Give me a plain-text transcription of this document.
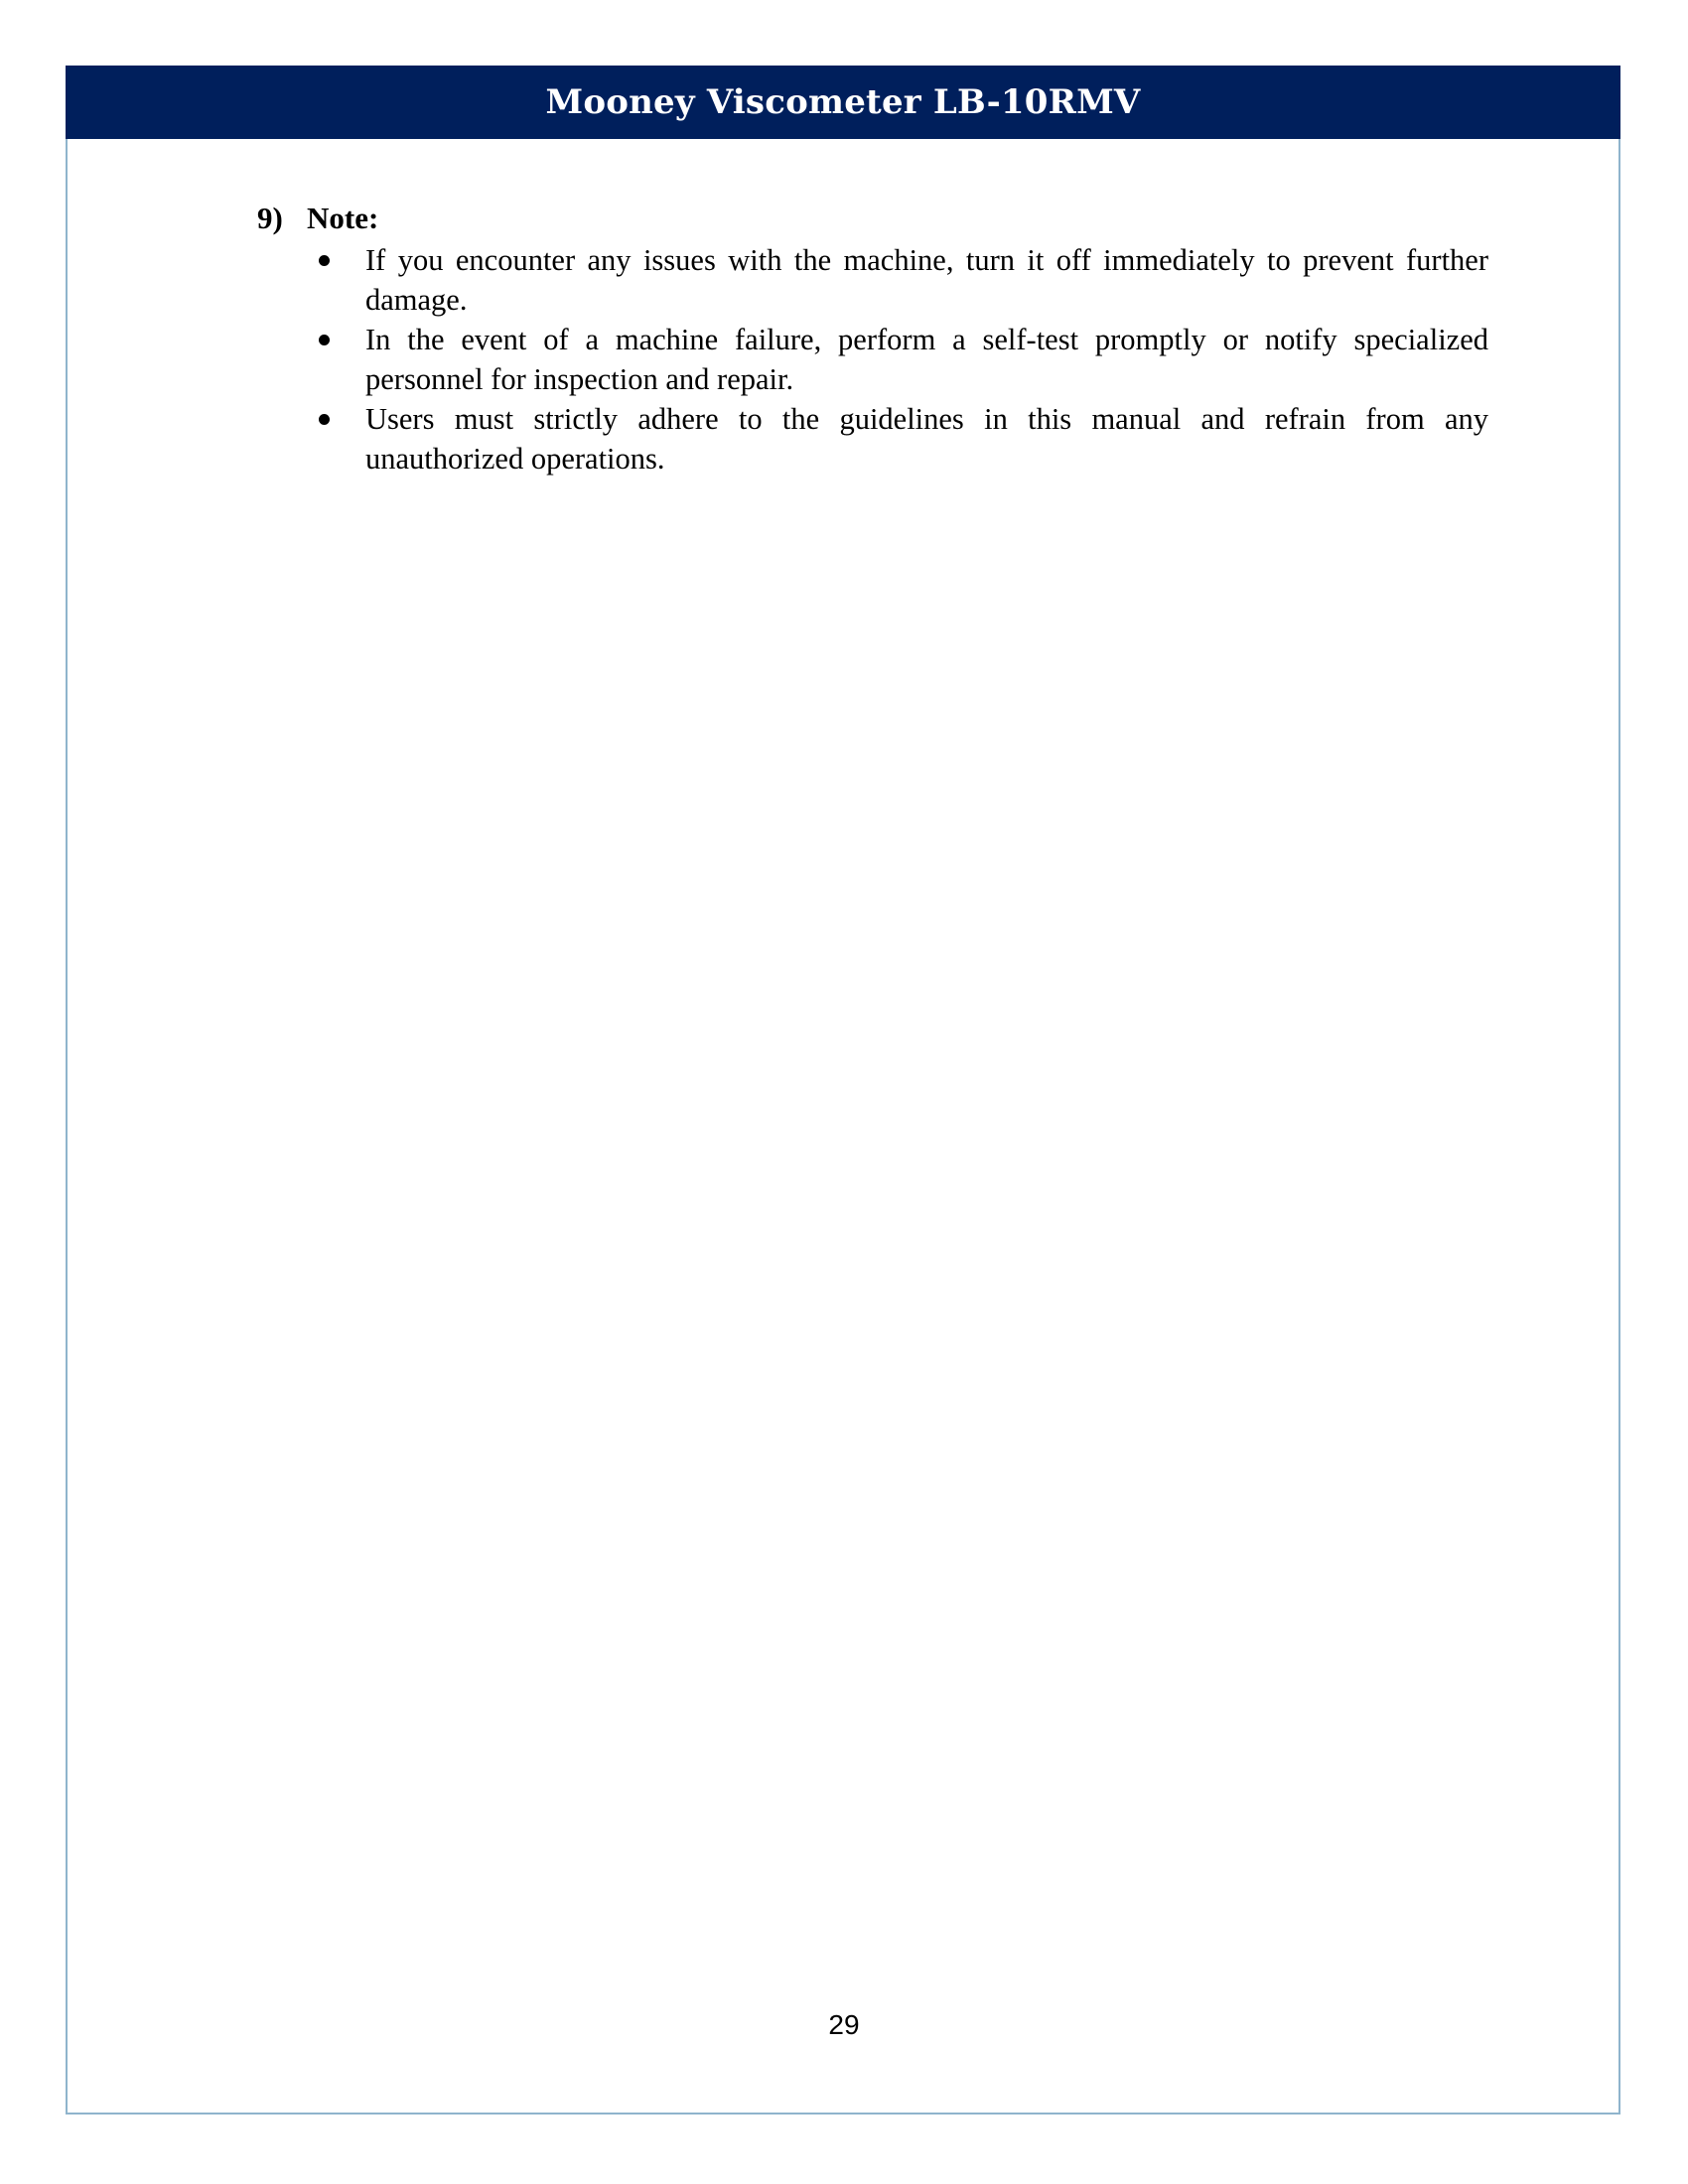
Mooney Viscometer LB-10RMV
9) Note:
If you encounter any issues with the machine, turn it off immediately to prevent further damage.
In the event of a machine failure, perform a self-test promptly or notify specialized personnel for inspection and repair.
Users must strictly adhere to the guidelines in this manual and refrain from any unauthorized operations.
29
